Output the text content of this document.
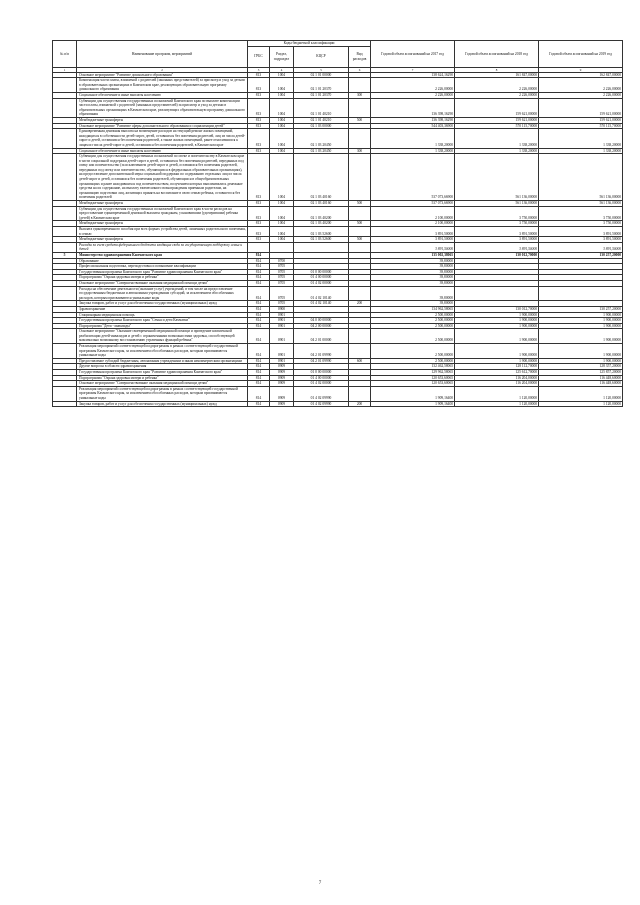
№ п/п	Наименование программ, мероприятий	Коды бюджетной классификации				Годовой объем ассигнований на 2017 год	Годовой объем ассигнований на 2018 год	Годовой объем ассигнований на 2019 год
		ГРБС	Раздел, подраздел	КЦСР	Вид расходов			
1	2	3	4	5	6	7	8	9
	Основное мероприятие "Развитие дошкольного образования"	813	1004	02 1 01 00000		138 624,16290	161 847,00000	162 847,00000
	Компенсация части платы, взимаемой с родителей (законных представителей) за присмотр и уход за детьми в образовательных организациях в Камчатском крае, реализующих образовательную программу дошкольного образования	813	1004	02 1 01 20370		2 226,00000	2 226,00000	2 226,00000
	Социальное обеспечение и иные выплаты населению	813	1004	02 1 01 20370	300	2 226,00000	2 226,00000	2 226,00000
	Субвенции для осуществления государственных полномочий Камчатского края по выплате компенсации части платы, взимаемой с родителей (законных представителей) за присмотр и уход за детьми в образовательных организациях в Камчатском крае, реализующих образовательную программу дошкольного образования	813	1004	02 1 01 40210		136 398,16290	159 621,00000	159 621,00000
	Межбюджетные трансферты	813	1004	02 1 01 40210	500	136 398,16290	159 621,00000	159 621,00000
	Основное мероприятие "Развитие сферы дополнительного образования и социализации детей"	813	1004	02 1 03 00000		544 403,36900	570 115,70000	570 115,70000
	Единовременная денежная выплата на возмещение расходов на текущий ремонт жилых помещений, находящихся в собственности детей-сирот, детей, оставшихся без попечения родителей, лиц из числа детей-сирот и детей, оставшихся без попечения родителей, а также жилых помещений, ранее относившихся к лицам из числа детей-сирот и детей, оставшихся без попечения родителей, в Камчатском крае	813	1004	02 1 03 20450		1 338,20000	1 338,20000	1 338,20000
	Социальное обеспечение и иные выплаты населению	813	1004	02 1 03 20450	300	1 338,20000	1 338,20000	1 338,20000
	Субвенции для осуществления государственных полномочий по опеке и попечительству в Камчатском крае в части социальной поддержки детей-сирот и детей, оставшихся без попечения родителей, переданных под опеку или попечительство (за исключением детей-сирот и детей, оставшихся без попечения родителей, переданных под опеку или попечительство, обучающихся в федеральных образовательных организациях), на предоставление дополнительной меры социальной поддержки по содержанию отдельных лиц из числа детей-сирот и детей, оставшихся без попечения родителей, обучающихся в общеобразовательных организациях и ранее находившихся под попечительством, получением которых выплачивались денежные средства на их содержание, на выплату ежемесячного вознаграждения приемным родителям, на организацию подготовки лиц, желающих принять на воспитание в свою семью ребенка, оставшегося без попечения родителей	813	1004	02 1 03 40160		537 073,66900	561 136,00000	561 136,00000
	Межбюджетные трансферты	813	1004	02 1 03 40160	500	537 073,66900	561 136,00000	561 136,00000
	Субвенции для осуществления государственных полномочий Камчатского края в части расходов на предоставление единовременной денежной выплаты гражданам, усыновившим (удочерившим) ребенка (детей) в Камчатском крае	813	1004	02 1 03 40200		2 100,00000	3 750,00000	3 750,00000
	Межбюджетные трансферты	813	1004	02 1 03 40200	500	2 100,00000	3 750,00000	3 750,00000
	Выплата единовременного пособия при всех формах устройства детей, лишенных родительского попечения, в семью	813	1004	02 1 03 52600		3 891,50000	3 891,50000	3 891,50000
	Межбюджетные трансферты	813	1004	02 1 03 52600	500	3 891,50000	3 891,50000	3 891,50000
	Расходы за счет средств федерального бюджета входящих сюда за государственную поддержку семьи и детей					3 891,50000	3 891,50000	3 891,50000
5	Министерство здравоохранения Камчатского края	814				135 002,38065	130 012,70000	130 257,20000
	Образование	814	0700			39,80000		
	Профессиональная подготовка, переподготовка и повышение квалификации	814	0705			39,80000		
	Государственная программа Камчатского края "Развитие здравоохранения Камчатского края"	814	0705	01 0 00 00000		39,80000		
	Подпрограмма "Охрана здоровья матери и ребенка"	814	0705	01 4 00 00000		39,80000		
	Основное мероприятие "Совершенствование оказания медицинской помощи детям"	814	0705	01 4 02 00000		39,80000		
	Расходы на обеспечение деятельности (оказание услуг) учреждений, в том числе на предоставление государственным бюджетным и автономным учреждениям субсидий, за исключением обособленных расходов, которым присваиваются уникальные коды	814	0705	01 4 02 10140		39,80000		
	Закупка товаров, работ и услуг для обеспечения государственных (муниципальных) нужд	814	0705	01 4 02 10140	200	39,80000		
	Здравоохранение	814	0900			134 962,58065	130 012,70000	130 257,20000
	Стационарная медицинская помощь	814	0901			2 500,00000	1 900,00000	1 900,00000
	Государственная программа Камчатского края "Семья и дети Камчатки"	814	0901	04 0 00 00000		2 500,00000	1 900,00000	1 900,00000
	Подпрограмма "Дети - инвалиды"	814	0901	04 2 00 00000		2 500,00000	1 900,00000	1 900,00000
	Основное мероприятие "Оказание своевременной медицинской помощи и проведение комплексной реабилитации детей-инвалидов и детей с ограниченными возможностями здоровья, способствующей максимально возможному восстановлению утраченных функций ребенка"	814	0901	04 2 01 00000		2 500,00000	1 900,00000	1 900,00000
	Реализация мероприятий соответствующей подпрограммы в рамках соответствующей государственной программы Камчатского края, за исключением обособленных расходов, которым присваиваются уникальные коды	814	0901	04 2 01 09990		2 500,00000	1 900,00000	1 900,00000
	Предоставление субсидий бюджетным, автономным учреждениям и иным некоммерческим организациям	814	0901	04 2 01 09990	600	2 500,00000	1 900,00000	1 900,00000
	Другие вопросы в области здравоохранения	814	0909			132 462,58065	128 112,70000	128 357,20000
	Государственная программа Камчатского края "Развитие здравоохранения Камчатского края"	814	0909	01 0 00 00000		129 962,58065	125 612,70000	125 857,20000
	Подпрограмма "Охрана здоровья матери и ребенка"	814	0909	01 4 00 00000		120 653,60065	116 204,00000	116 448,60000
	Основное мероприятие "Совершенствование оказания медицинской помощи детям"	814	0909	01 4 02 00000		120 653,60065	116 204,00000	116 448,60000
	Реализация мероприятий соответствующей подпрограммы в рамках соответствующей государственной программы Камчатского края, за исключением обособленных расходов, которым присваиваются уникальные коды	814	0909	01 4 02 09990		1 909,16400	1 120,00000	1 120,00000
	Закупка товаров, работ и услуг для обеспечения государственных (муниципальных) нужд	814	0909	01 4 02 09990	200	1 909,16400	1 120,00000	1 120,00000
7
